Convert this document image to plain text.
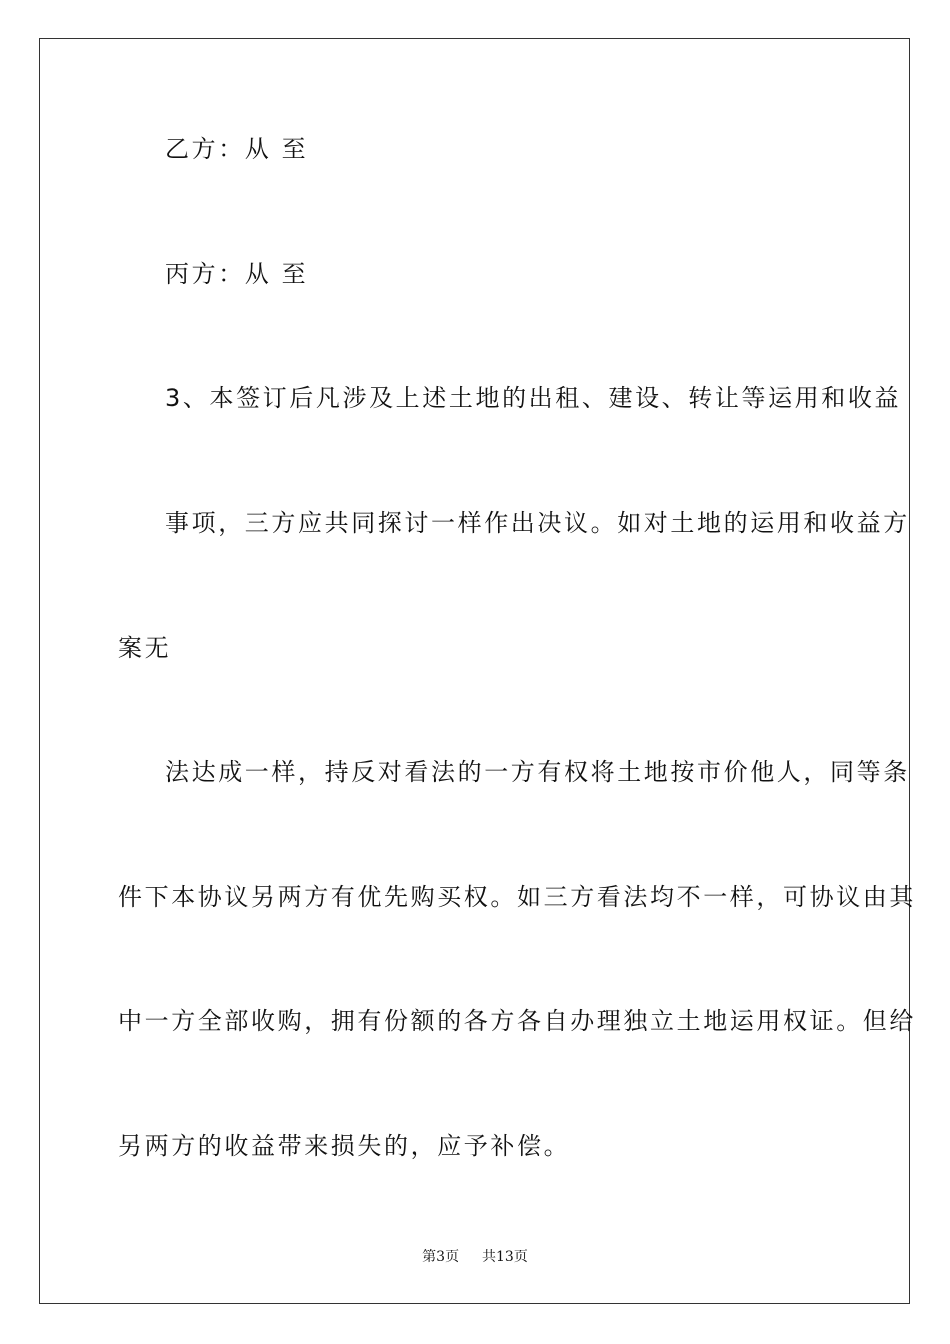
乙方：从 至
丙方：从 至
3、本签订后凡涉及上述土地的出租、建设、转让等运用和收益
事项，三方应共同探讨一样作出决议。如对土地的运用和收益方
案无
法达成一样，持反对看法的一方有权将土地按市价他人，同等条
件下本协议另两方有优先购买权。如三方看法均不一样，可协议由其
中一方全部收购，拥有份额的各方各自办理独立土地运用权证。但给
另两方的收益带来损失的，应予补偿。
第3页 共13页
